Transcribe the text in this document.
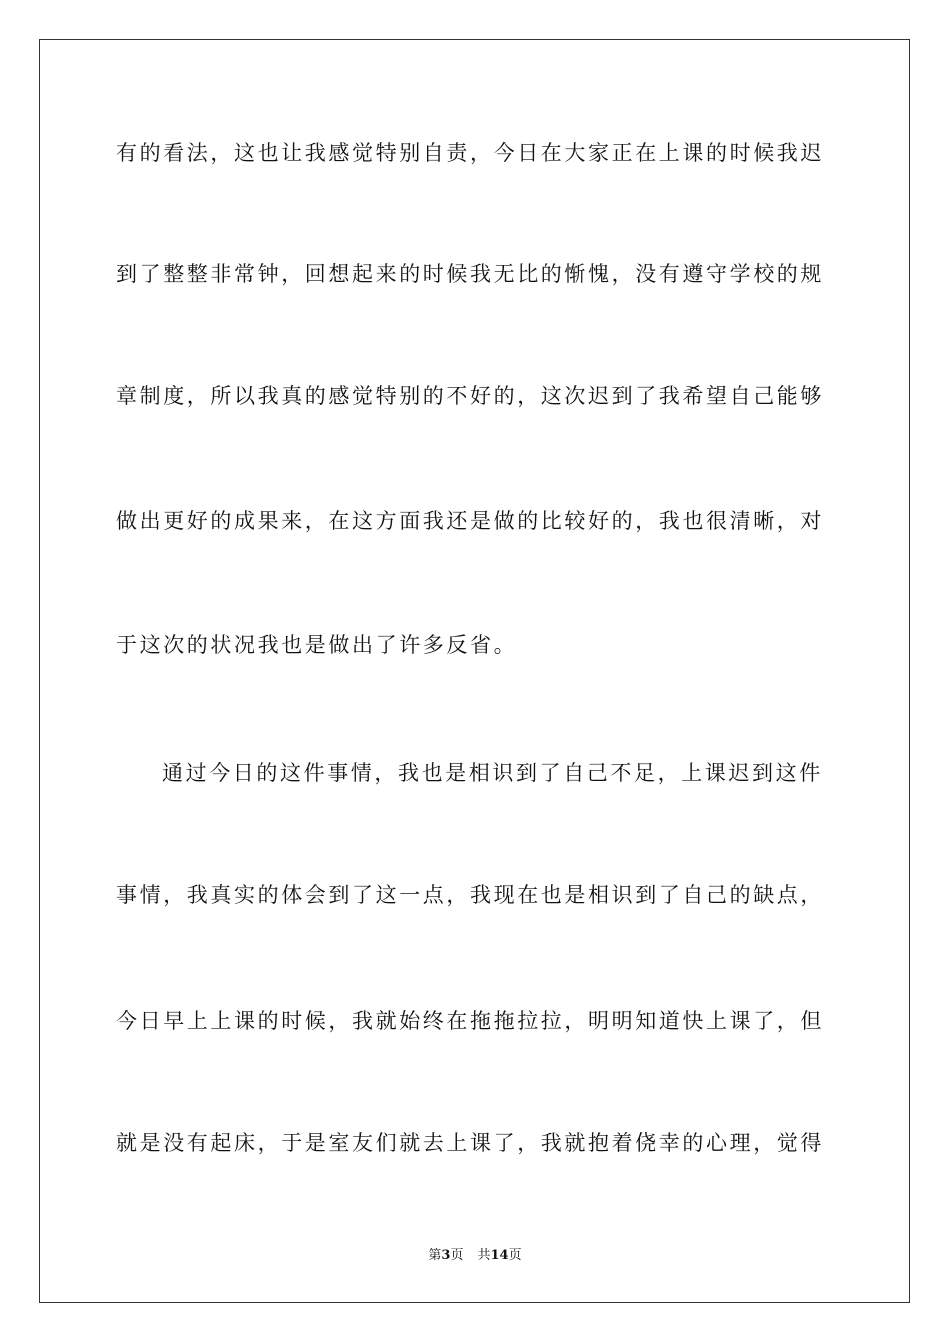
有的看法，这也让我感觉特别自责，今日在大家正在上课的时候我迟
到了整整非常钟，回想起来的时候我无比的惭愧，没有遵守学校的规
章制度，所以我真的感觉特别的不好的，这次迟到了我希望自己能够
做出更好的成果来，在这方面我还是做的比较好的，我也很清晰，对
于这次的状况我也是做出了许多反省。
通过今日的这件事情，我也是相识到了自己不足，上课迟到这件
事情，我真实的体会到了这一点，我现在也是相识到了自己的缺点，
今日早上上课的时候，我就始终在拖拖拉拉，明明知道快上课了，但
就是没有起床，于是室友们就去上课了，我就抱着侥幸的心理，觉得
第3页 共14页
